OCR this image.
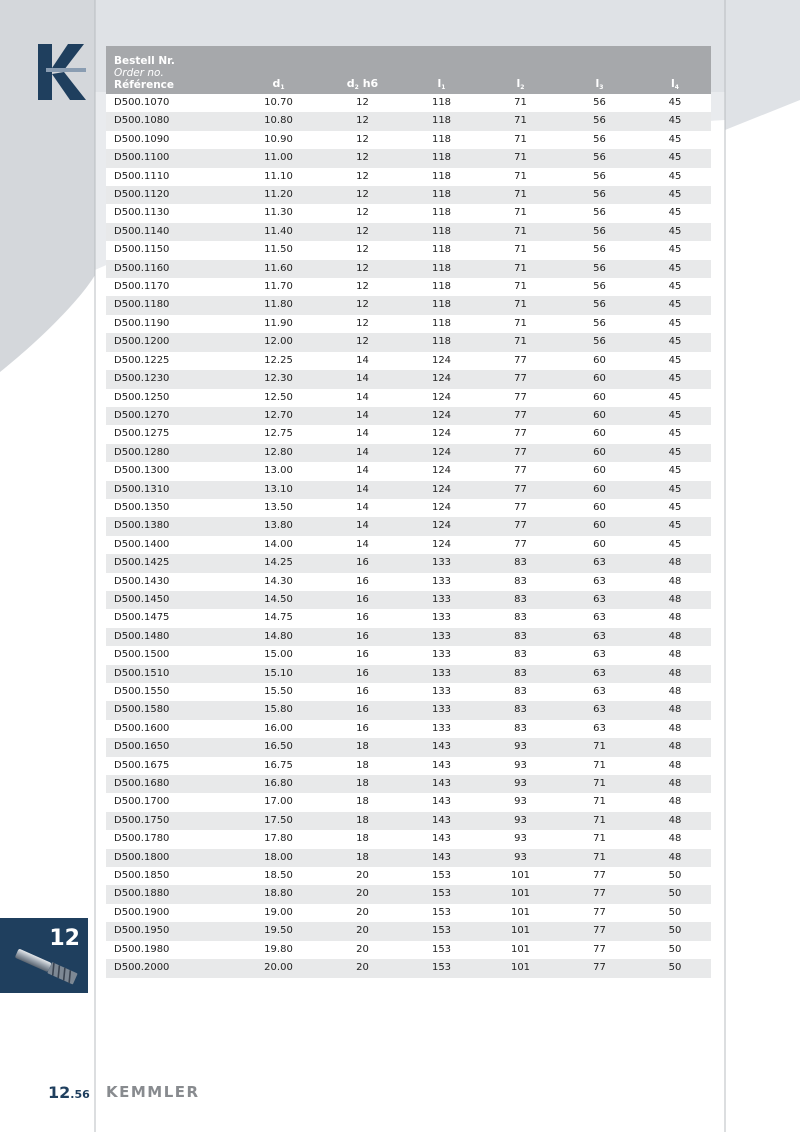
12
Bestell Nr.
Order no.
Référence	$d_1$	$d_2$ h6	$l_1$	$l_2$	$l_3$	$l_4$
D500.1070	10.70	12	118	71	56	45
D500.1080	10.80	12	118	71	56	45
D500.1090	10.90	12	118	71	56	45
D500.1100	11.00	12	118	71	56	45
D500.1110	11.10	12	118	71	56	45
D500.1120	11.20	12	118	71	56	45
D500.1130	11.30	12	118	71	56	45
D500.1140	11.40	12	118	71	56	45
D500.1150	11.50	12	118	71	56	45
D500.1160	11.60	12	118	71	56	45
D500.1170	11.70	12	118	71	56	45
D500.1180	11.80	12	118	71	56	45
D500.1190	11.90	12	118	71	56	45
D500.1200	12.00	12	118	71	56	45
D500.1225	12.25	14	124	77	60	45
D500.1230	12.30	14	124	77	60	45
D500.1250	12.50	14	124	77	60	45
D500.1270	12.70	14	124	77	60	45
D500.1275	12.75	14	124	77	60	45
D500.1280	12.80	14	124	77	60	45
D500.1300	13.00	14	124	77	60	45
D500.1310	13.10	14	124	77	60	45
D500.1350	13.50	14	124	77	60	45
D500.1380	13.80	14	124	77	60	45
D500.1400	14.00	14	124	77	60	45
D500.1425	14.25	16	133	83	63	48
D500.1430	14.30	16	133	83	63	48
D500.1450	14.50	16	133	83	63	48
D500.1475	14.75	16	133	83	63	48
D500.1480	14.80	16	133	83	63	48
D500.1500	15.00	16	133	83	63	48
D500.1510	15.10	16	133	83	63	48
D500.1550	15.50	16	133	83	63	48
D500.1580	15.80	16	133	83	63	48
D500.1600	16.00	16	133	83	63	48
D500.1650	16.50	18	143	93	71	48
D500.1675	16.75	18	143	93	71	48
D500.1680	16.80	18	143	93	71	48
D500.1700	17.00	18	143	93	71	48
D500.1750	17.50	18	143	93	71	48
D500.1780	17.80	18	143	93	71	48
D500.1800	18.00	18	143	93	71	48
D500.1850	18.50	20	153	101	77	50
D500.1880	18.80	20	153	101	77	50
D500.1900	19.00	20	153	101	77	50
D500.1950	19.50	20	153	101	77	50
D500.1980	19.80	20	153	101	77	50
D500.2000	20.00	20	153	101	77	50
12.56 KEMMLER
